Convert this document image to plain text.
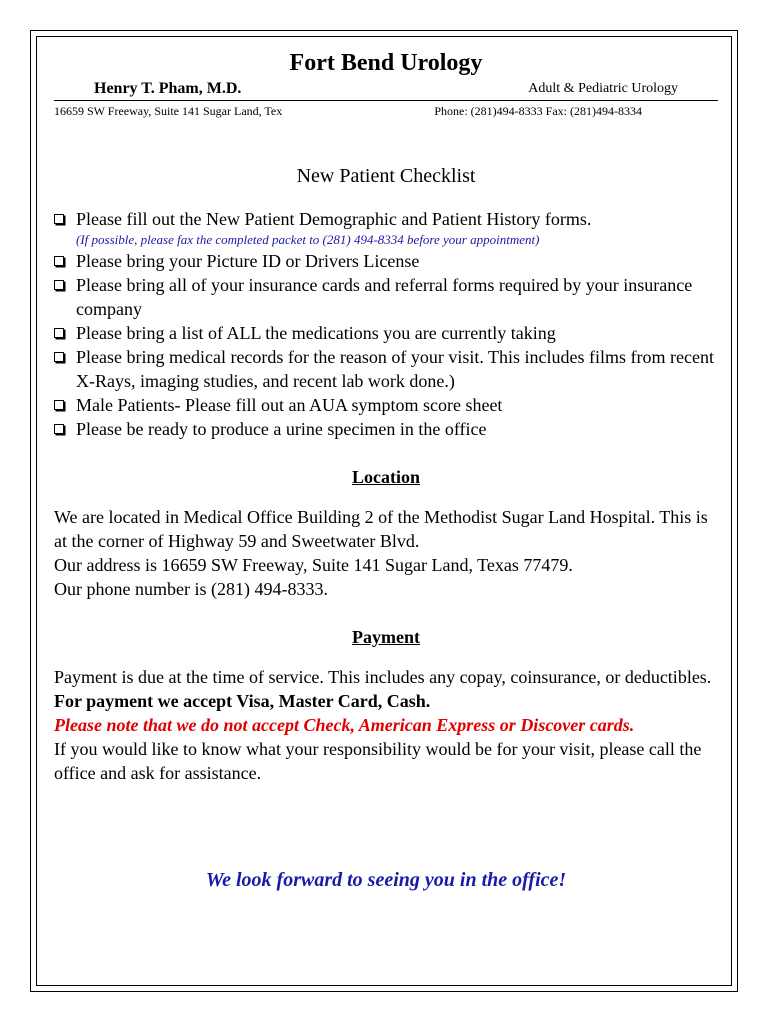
Fort Bend Urology
Henry T. Pham, M.D.	Adult & Pediatric Urology
16659 SW Freeway, Suite 141 Sugar Land, Tex	Phone: (281)494-8333 Fax: (281)494-8334
New Patient Checklist
Please fill out the New Patient Demographic and Patient History forms.
(If possible, please fax the completed packet to (281) 494-8334 before your appointment)
Please bring your Picture ID or Drivers License
Please bring all of your insurance cards and referral forms required by your insurance company
Please bring a list of ALL the medications you are currently taking
Please bring medical records for the reason of your visit. This includes films from recent X-Rays, imaging studies, and recent lab work done.)
Male Patients- Please fill out an AUA symptom score sheet
Please be ready to produce a urine specimen in the office
Location

We are located in Medical Office Building 2 of the Methodist Sugar Land Hospital. This is at the corner of Highway 59 and Sweetwater Blvd.
Our address is 16659 SW Freeway, Suite 141 Sugar Land, Texas 77479.
Our phone number is (281) 494-8333.

Payment

Payment is due at the time of service. This includes any copay, coinsurance, or deductibles. For payment we accept Visa, Master Card, Cash.
Please note that we do not accept Check, American Express or Discover cards.
If you would like to know what your responsibility would be for your visit, please call the office and ask for assistance.

We look forward to seeing you in the office!
